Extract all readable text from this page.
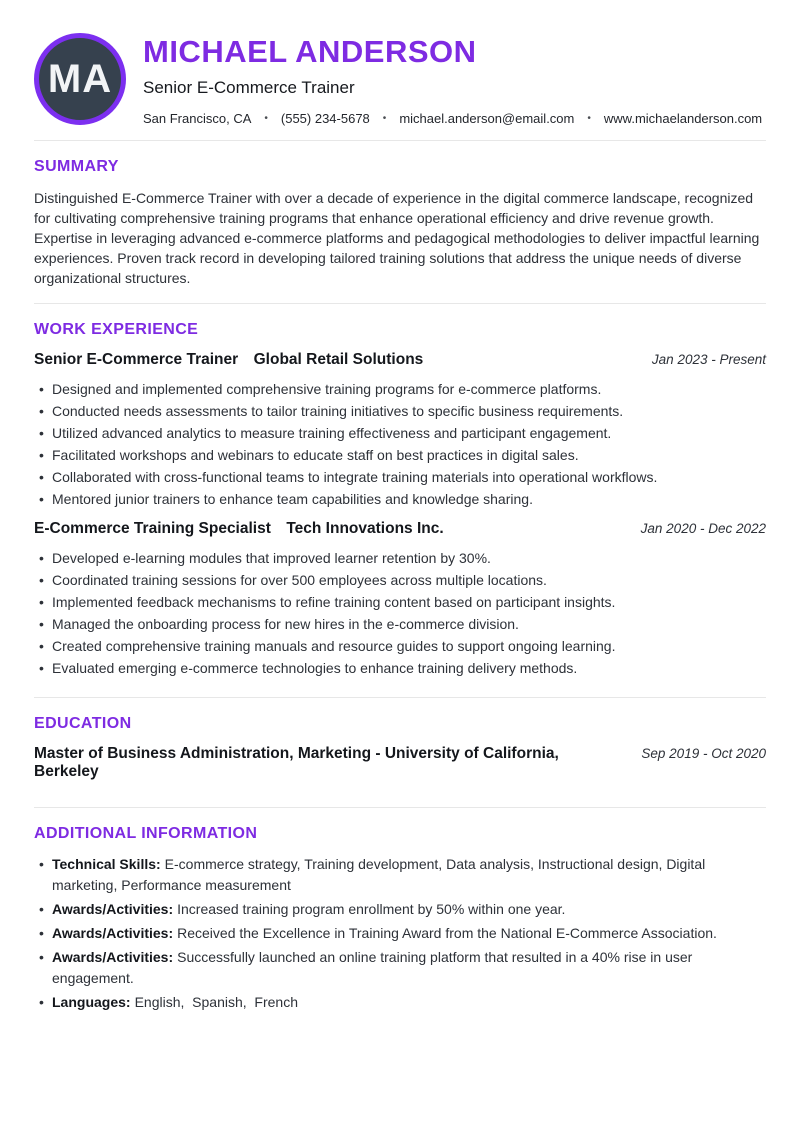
MA
MICHAEL ANDERSON
Senior E-Commerce Trainer
San Francisco, CA • (555) 234-5678 • michael.anderson@email.com • www.michaelanderson.com
SUMMARY

Distinguished E-Commerce Trainer with over a decade of experience in the digital commerce landscape, recognized for cultivating comprehensive training programs that enhance operational efficiency and drive revenue growth. Expertise in leveraging advanced e-commerce platforms and pedagogical methodologies to deliver impactful learning experiences. Proven track record in developing tailored training solutions that address the unique needs of diverse organizational structures.

WORK EXPERIENCE
Senior E-Commerce Trainer Global Retail Solutions	Jan 2023 - Present
• Designed and implemented comprehensive training programs for e-commerce platforms.
• Conducted needs assessments to tailor training initiatives to specific business requirements.
• Utilized advanced analytics to measure training effectiveness and participant engagement.
• Facilitated workshops and webinars to educate staff on best practices in digital sales.
• Collaborated with cross-functional teams to integrate training materials into operational workflows.
• Mentored junior trainers to enhance team capabilities and knowledge sharing.
E-Commerce Training Specialist Tech Innovations Inc.	Jan 2020 - Dec 2022
• Developed e-learning modules that improved learner retention by 30%.
• Coordinated training sessions for over 500 employees across multiple locations.
• Implemented feedback mechanisms to refine training content based on participant insights.
• Managed the onboarding process for new hires in the e-commerce division.
• Created comprehensive training manuals and resource guides to support ongoing learning.
• Evaluated emerging e-commerce technologies to enhance training delivery methods.
EDUCATION
Master of Business Administration, Marketing - University of California, Berkeley
Sep 2019 - Oct 2020
ADDITIONAL INFORMATION
• Technical Skills: E-commerce strategy, Training development, Data analysis, Instructional design, Digital marketing, Performance measurement
• Awards/Activities: Increased training program enrollment by 50% within one year.
• Awards/Activities: Received the Excellence in Training Award from the National E-Commerce Association.
• Awards/Activities: Successfully launched an online training platform that resulted in a 40% rise in user engagement.
• Languages: English,  Spanish,  French
